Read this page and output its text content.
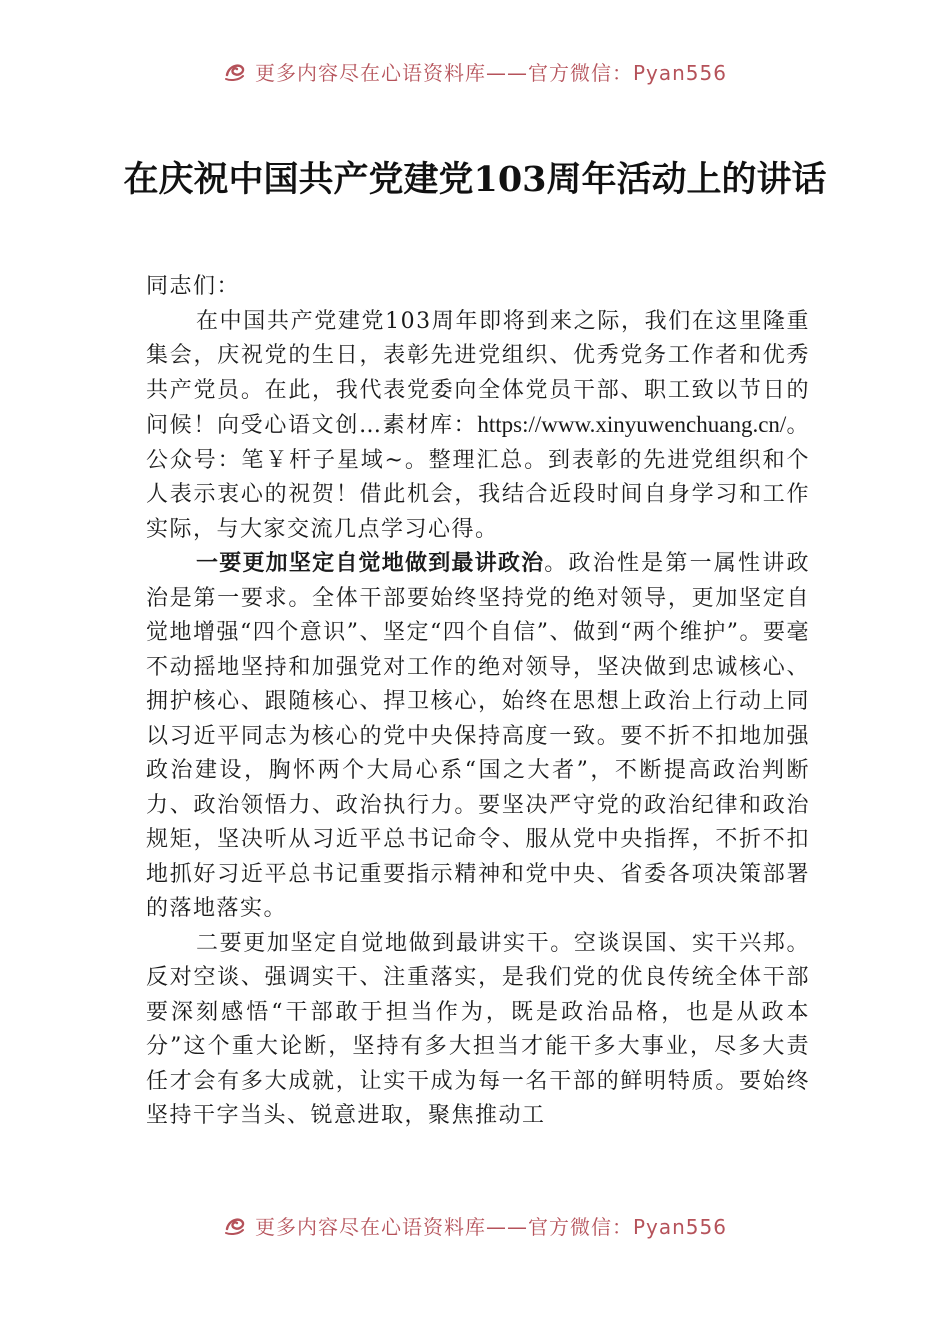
更多内容尽在心语资料库——官方微信：Pyan556
在庆祝中国共产党建党103周年活动上的讲话

同志们：

在中国共产党建党103周年即将到来之际，我们在这里隆重集会，庆祝党的生日，表彰先进党组织、优秀党务工作者和优秀共产党员。在此，我代表党委向全体党员干部、职工致以节日的问候！向受心语文创…素材库：https://www.xinyuwenchuang.cn/。公众号：笔￥杆子星域~。整理汇总。到表彰的先进党组织和个人表示衷心的祝贺！借此机会，我结合近段时间自身学习和工作实际，与大家交流几点学习心得。

一要更加坚定自觉地做到最讲政治。政治性是第一属性讲政治是第一要求。全体干部要始终坚持党的绝对领导，更加坚定自觉地增强“四个意识”、坚定“四个自信”、做到“两个维护”。要毫不动摇地坚持和加强党对工作的绝对领导，坚决做到忠诚核心、拥护核心、跟随核心、捍卫核心，始终在思想上政治上行动上同以习近平同志为核心的党中央保持高度一致。要不折不扣地加强政治建设，胸怀两个大局心系“国之大者”，不断提高政治判断力、政治领悟力、政治执行力。要坚决严守党的政治纪律和政治规矩，坚决听从习近平总书记命令、服从党中央指挥，不折不扣地抓好习近平总书记重要指示精神和党中央、省委各项决策部署的落地落实。

二要更加坚定自觉地做到最讲实干。空谈误国、实干兴邦。反对空谈、强调实干、注重落实，是我们党的优良传统全体干部要深刻感悟“干部敢于担当作为，既是政治品格，也是从政本分”这个重大论断，坚持有多大担当才能干多大事业，尽多大责任才会有多大成就，让实干成为每一名干部的鲜明特质。要始终坚持干字当头、锐意进取，聚焦推动工

更多内容尽在心语资料库——官方微信：Pyan556
